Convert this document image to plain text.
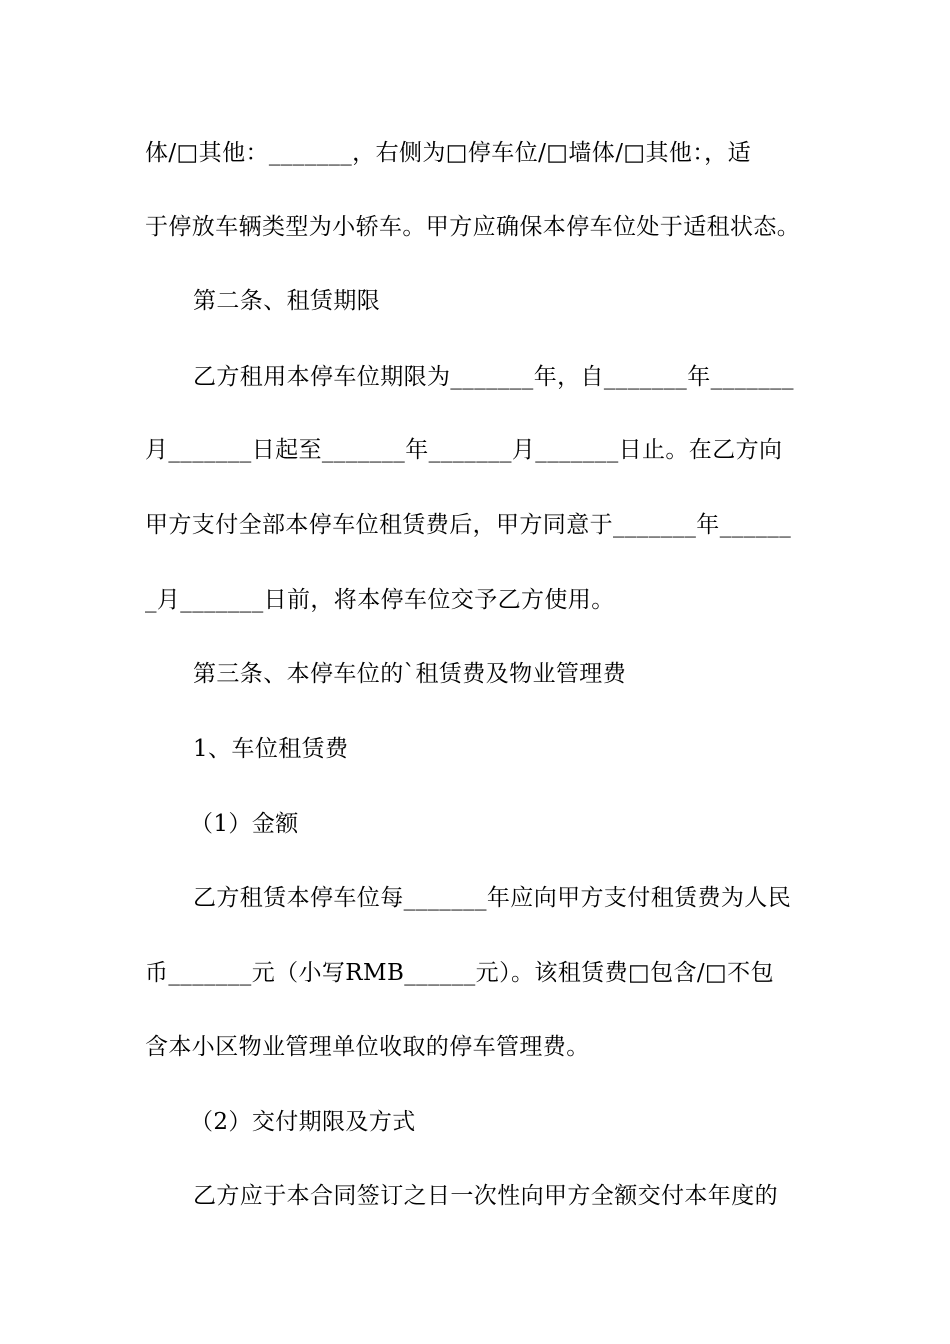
体/□其他：_______，右侧为□停车位/□墙体/□其他：，适
于停放车辆类型为小轿车。甲方应确保本停车位处于适租状态。
第二条、租赁期限
乙方租用本停车位期限为_______年，自_______年_______
月_______日起至_______年_______月_______日止。在乙方向
甲方支付全部本停车位租赁费后，甲方同意于_______年______
_月_______日前，将本停车位交予乙方使用。
第三条、本停车位的`租赁费及物业管理费
1、车位租赁费
（1）金额
乙方租赁本停车位每_______年应向甲方支付租赁费为人民
币_______元（小写RMB______元）。该租赁费□包含/□不包
含本小区物业管理单位收取的停车管理费。
（2）交付期限及方式
乙方应于本合同签订之日一次性向甲方全额交付本年度的
